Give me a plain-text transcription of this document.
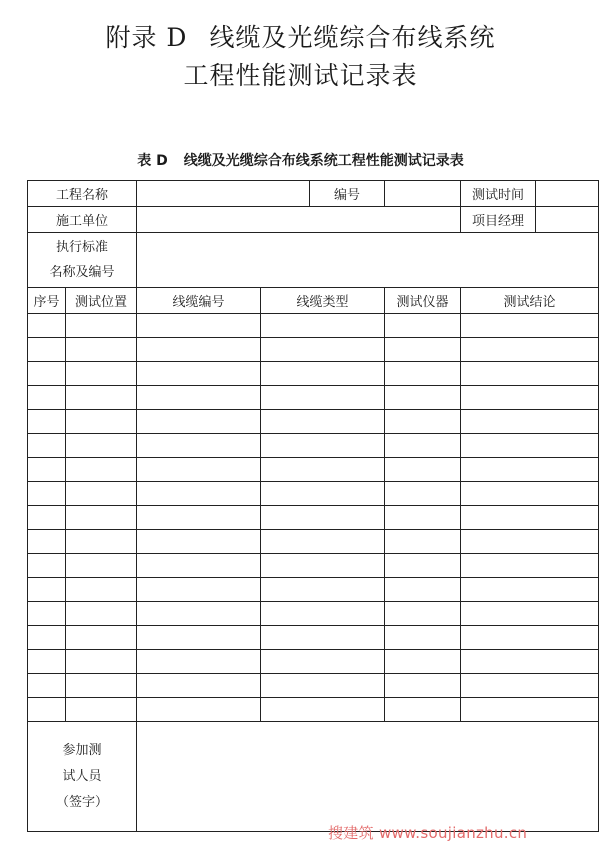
附录 D 线缆及光缆综合布线系统
工程性能测试记录表
表 D 线缆及光缆综合布线系统工程性能测试记录表
工程名称				编号		测试时间	
施工单位						项目经理	

执行标准
名称及编号							

序号	测试位置	线缆编号	线缆类型		测试仪器	测试结论	

参加测
试人员
（签字）							

搜建筑 www.soujianzhu.cn
